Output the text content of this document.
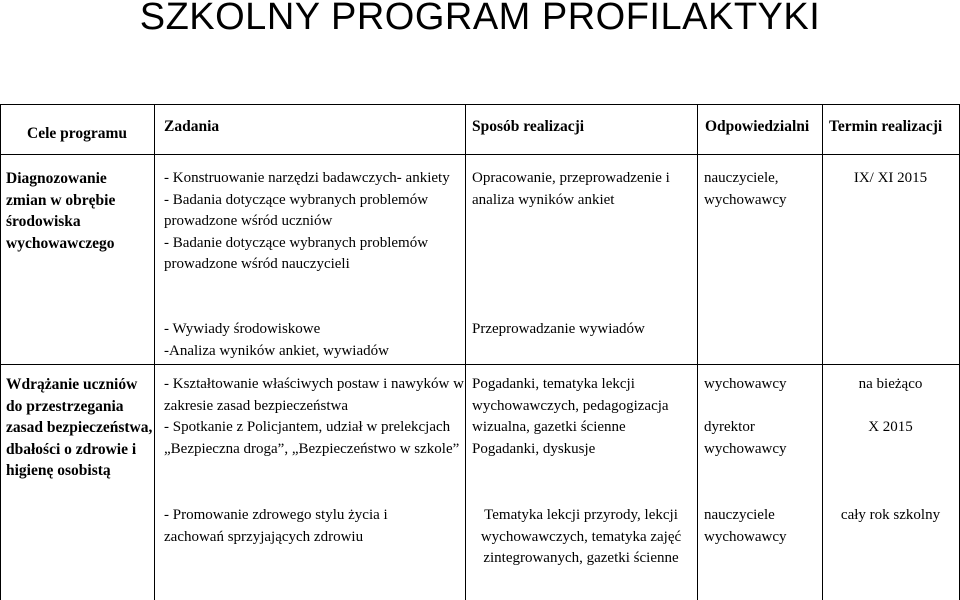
SZKOLNY PROGRAM PROFILAKTYKI
Cele programu Zadania	Sposób realizacji	Odpowiedzialni Termin realizacji
Diagnozowanie zmian w obrębie środowiska wychowawczego
- Konstruowanie narzędzi badawczych- ankiety
- Badania dotyczące wybranych problemów prowadzone wśród uczniów
- Badanie dotyczące wybranych problemów prowadzone wśród nauczycieli
Opracowanie, przeprowadzenie i analiza wyników ankiet
nauczyciele, wychowawcy
IX/ XI 2015
- Wywiady środowiskowe
-Analiza wyników ankiet, wywiadów
Przeprowadzanie wywiadów
Wdrążanie uczniów do przestrzegania zasad bezpieczeństwa, dbałości o zdrowie i higienę osobistą
- Kształtowanie właściwych postaw i nawyków w zakresie zasad bezpieczeństwa
- Spotkanie z Policjantem, udział w prelekcjach „Bezpieczna droga”, „Bezpieczeństwo w szkole”
Pogadanki, tematyka lekcji wychowawczych, pedagogizacja wizualna, gazetki ścienne
Pogadanki, dyskusje
wychowawcy

dyrektor
wychowawcy
na bieżąco

X 2015
- Promowanie zdrowego stylu życia i zachowań sprzyjających zdrowiu
Tematyka lekcji przyrody, lekcji wychowawczych, tematyka zajęć zintegrowanych, gazetki ścienne
nauczyciele
wychowawcy
cały rok szkolny
